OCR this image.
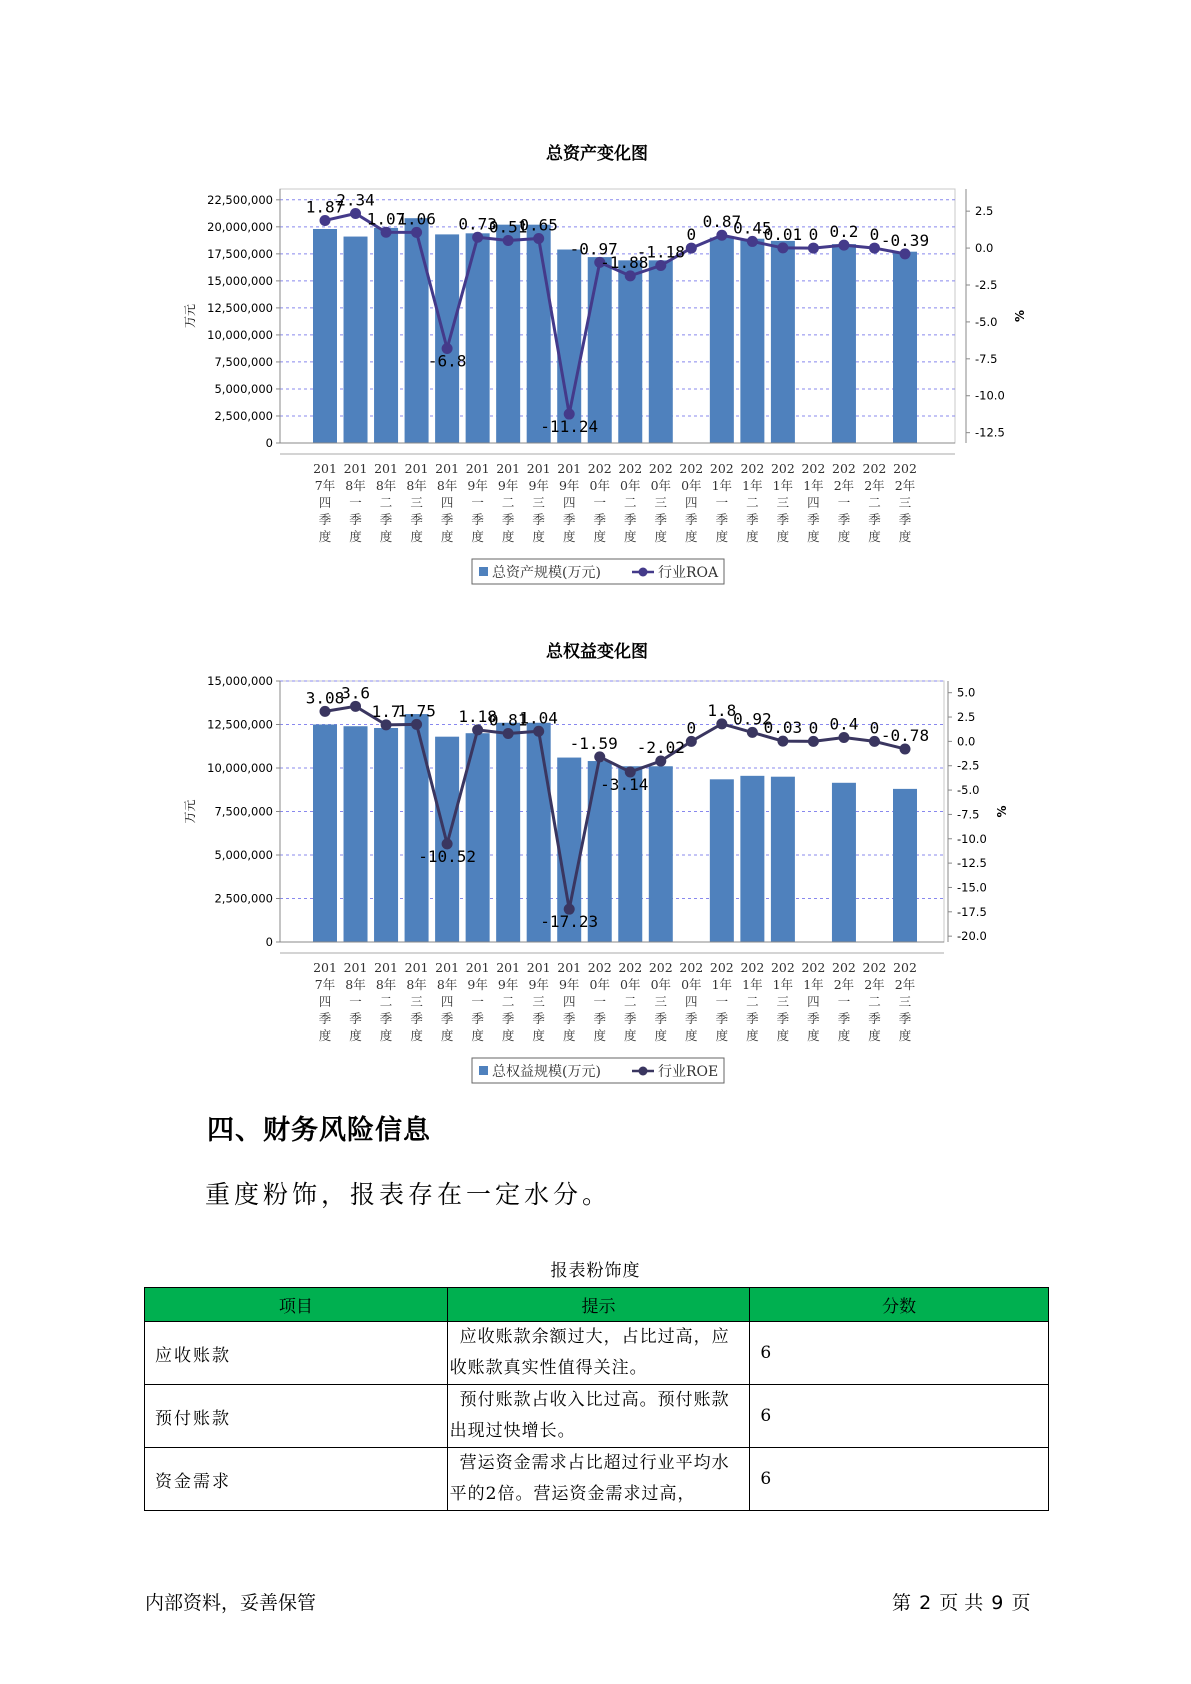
总资产变化图
0
2,500,000
5,000,000
7,500,000
10,000,000
12,500,000
15,000,000
17,500,000
20,000,000
22,500,000
2.5
0.0
-2.5
-5.0
-7.5
-10.0
-12.5
万元	%
201
7年
四
季
度
201
8年
一
季
度
201
8年
二
季
度
201
8年
三
季
度
201
8年
四
季
度
201
9年
一
季
度
201
9年
二
季
度
201
9年
三
季
度
201
9年
四
季
度
202
0年
一
季
度
202
0年
二
季
度
202
0年
三
季
度
202
0年
四
季
度
202
1年
一
季
度
202
1年
二
季
度
202
1年
三
季
度
202
1年
四
季
度
202
2年
一
季
度
202
2年
二
季
度
202
2年
三
季
度
1.87
2.34
1.07
1.06
-6.8
0.73
0.51
0.65
-11.24
-0.97
-1.88
-1.18
0
0.87
0.45
0.01 0 0.2 0 -0.39
总资产规模(万元)	行业ROA
总权益变化图
0
2,500,000
5,000,000
7,500,000
10,000,000
12,500,000
15,000,000
5.0
2.5
0.0
-2.5
-5.0
-7.5
-10.0
-12.5
-15.0
-17.5
-20.0
万元	%
201
7年
四
季
度
201
8年
一
季
度
201
8年
二
季
度
201
8年
三
季
度
201
8年
四
季
度
201
9年
一
季
度
201
9年
二
季
度
201
9年
三
季
度
201
9年
四
季
度
202
0年
一
季
度
202
0年
二
季
度
202
0年
三
季
度
202
0年
四
季
度
202
1年
一
季
度
202
1年
二
季
度
202
1年
三
季
度
202
1年
四
季
度
202
2年
一
季
度
202
2年
二
季
度
202
2年
三
季
度
3.08
3.6
1.7
1.75
-10.52
1.18
0.81
1.04
-17.23
-1.59
-3.14
-2.02
0
1.8
0.92
0.03 0 0.4 0 -0.78
总权益规模(万元)	行业ROE
四、财务风险信息
重度粉饰，报表存在一定水分。
报表粉饰度
项目	提示	分数
应收账款	应收账款余额过大，占比过高，应收账款真实性值得关注。	6
预付账款	预付账款占收入比过高。预付账款出现过快增长。	6
资金需求	营运资金需求占比超过行业平均水平的2倍。营运资金需求过高，	6
内部资料，妥善保管	第 2 页 共 9 页
